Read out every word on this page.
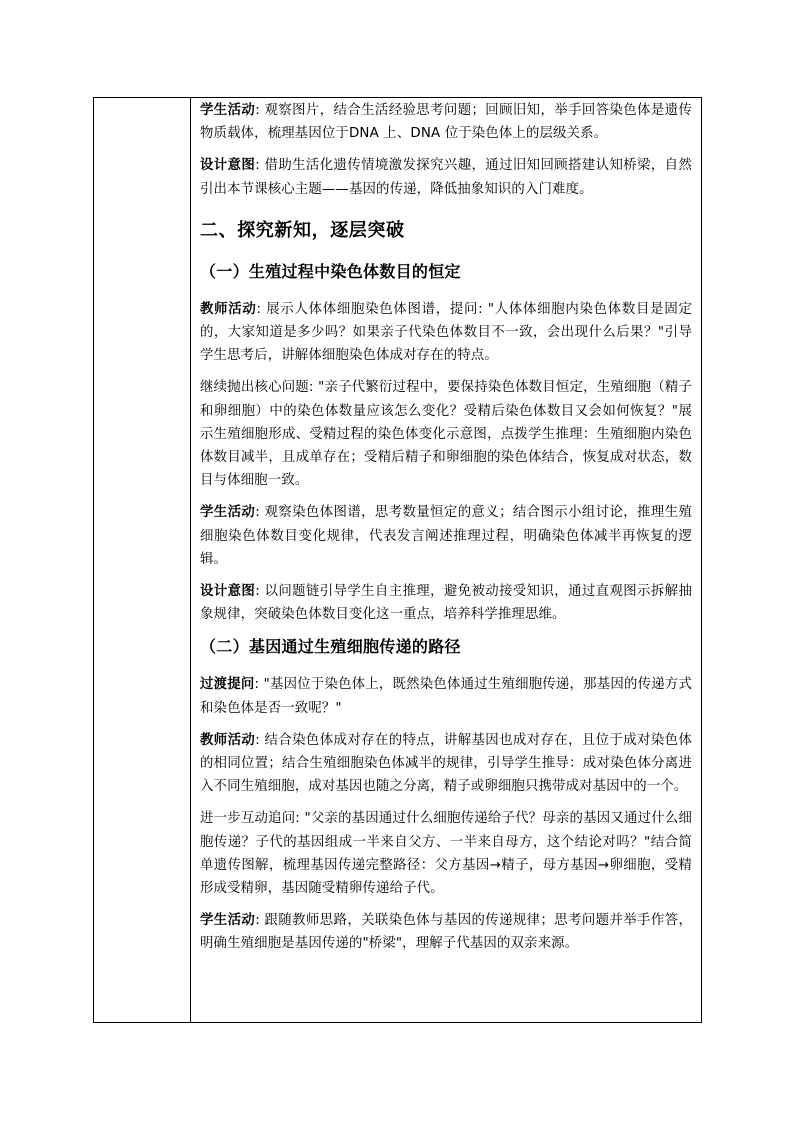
学生活动: 观察图片，结合生活经验思考问题；回顾旧知，举手回答染色体是遗传物质载体，梳理基因位于DNA 上、DNA 位于染色体上的层级关系。

设计意图: 借助生活化遗传情境激发探究兴趣，通过旧知回顾搭建认知桥梁，自然引出本节课核心主题——基因的传递，降低抽象知识的入门难度。

二、探究新知，逐层突破
（一）生殖过程中染色体数目的恒定

教师活动: 展示人体体细胞染色体图谱，提问: "人体体细胞内染色体数目是固定的，大家知道是多少吗？如果亲子代染色体数目不一致，会出现什么后果？"引导学生思考后，讲解体细胞染色体成对存在的特点。

继续抛出核心问题: "亲子代繁衍过程中，要保持染色体数目恒定，生殖细胞（精子和卵细胞）中的染色体数量应该怎么变化？受精后染色体数目又会如何恢复？"展示生殖细胞形成、受精过程的染色体变化示意图，点拨学生推理：生殖细胞内染色体数目减半，且成单存在；受精后精子和卵细胞的染色体结合，恢复成对状态，数目与体细胞一致。

学生活动: 观察染色体图谱，思考数量恒定的意义；结合图示小组讨论，推理生殖细胞染色体数目变化规律，代表发言阐述推理过程，明确染色体减半再恢复的逻辑。

设计意图: 以问题链引导学生自主推理，避免被动接受知识，通过直观图示拆解抽象规律，突破染色体数目变化这一重点，培养科学推理思维。

（二）基因通过生殖细胞传递的路径

过渡提问: "基因位于染色体上，既然染色体通过生殖细胞传递，那基因的传递方式和染色体是否一致呢？"

教师活动: 结合染色体成对存在的特点，讲解基因也成对存在，且位于成对染色体的相同位置；结合生殖细胞染色体减半的规律，引导学生推导：成对染色体分离进入不同生殖细胞，成对基因也随之分离，精子或卵细胞只携带成对基因中的一个。

进一步互动追问: "父亲的基因通过什么细胞传递给子代？母亲的基因又通过什么细胞传递？子代的基因组成一半来自父方、一半来自母方，这个结论对吗？"结合简单遗传图解，梳理基因传递完整路径：父方基因→精子，母方基因→卵细胞，受精形成受精卵，基因随受精卵传递给子代。

学生活动: 跟随教师思路，关联染色体与基因的传递规律；思考问题并举手作答，明确生殖细胞是基因传递的"桥梁"，理解子代基因的双亲来源。
